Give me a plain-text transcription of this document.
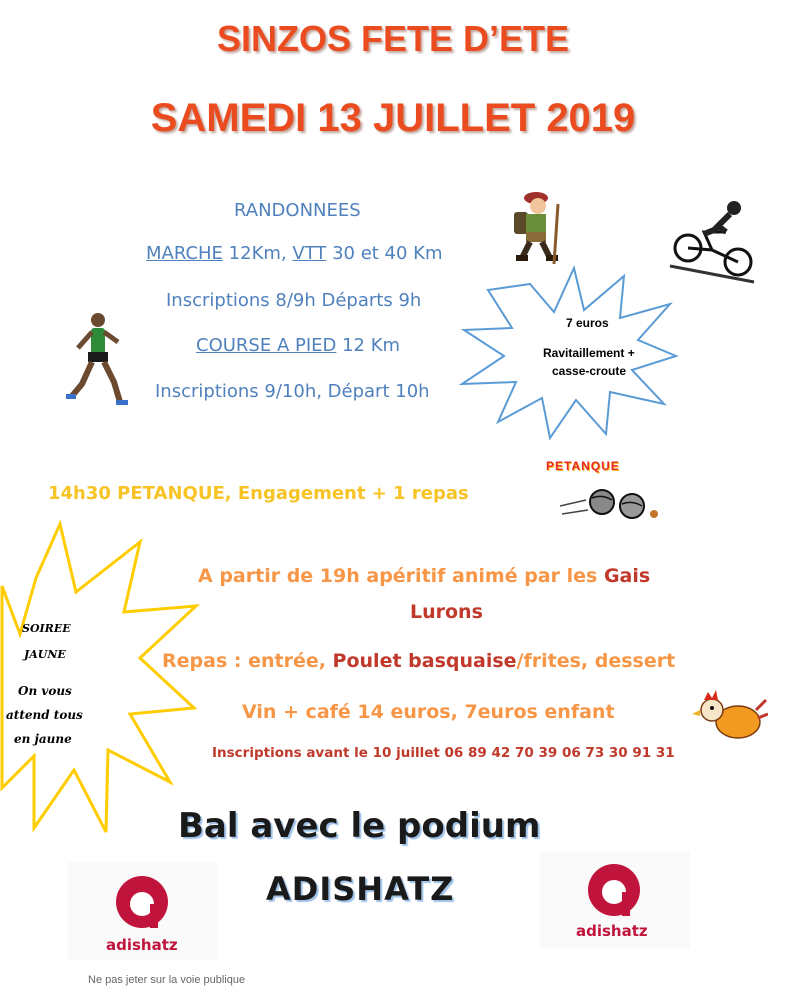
SINZOS FETE D’ETE
SAMEDI 13 JUILLET 2019
RANDONNEES
MARCHE 12Km, VTT 30 et 40 Km
Inscriptions 8/9h Départs 9h
COURSE A PIED 12 Km
Inscriptions 9/10h, Départ 10h
7 euros
Ravitaillement +
casse-croute
14h30 PETANQUE, Engagement + 1 repas
PETANQUE
SOIREE
JAUNE
On vous
attend tous
en jaune
A partir de 19h apéritif animé par les Gais
Lurons
Repas : entrée, Poulet basquaise/frites, dessert
Vin + café 14 euros, 7euros enfant
Inscriptions avant le 10 juillet 06 89 42 70 39 06 73 30 91 31
Bal avec le podium
ADISHATZ
adishatz
adishatz
Ne pas jeter sur la voie publique
